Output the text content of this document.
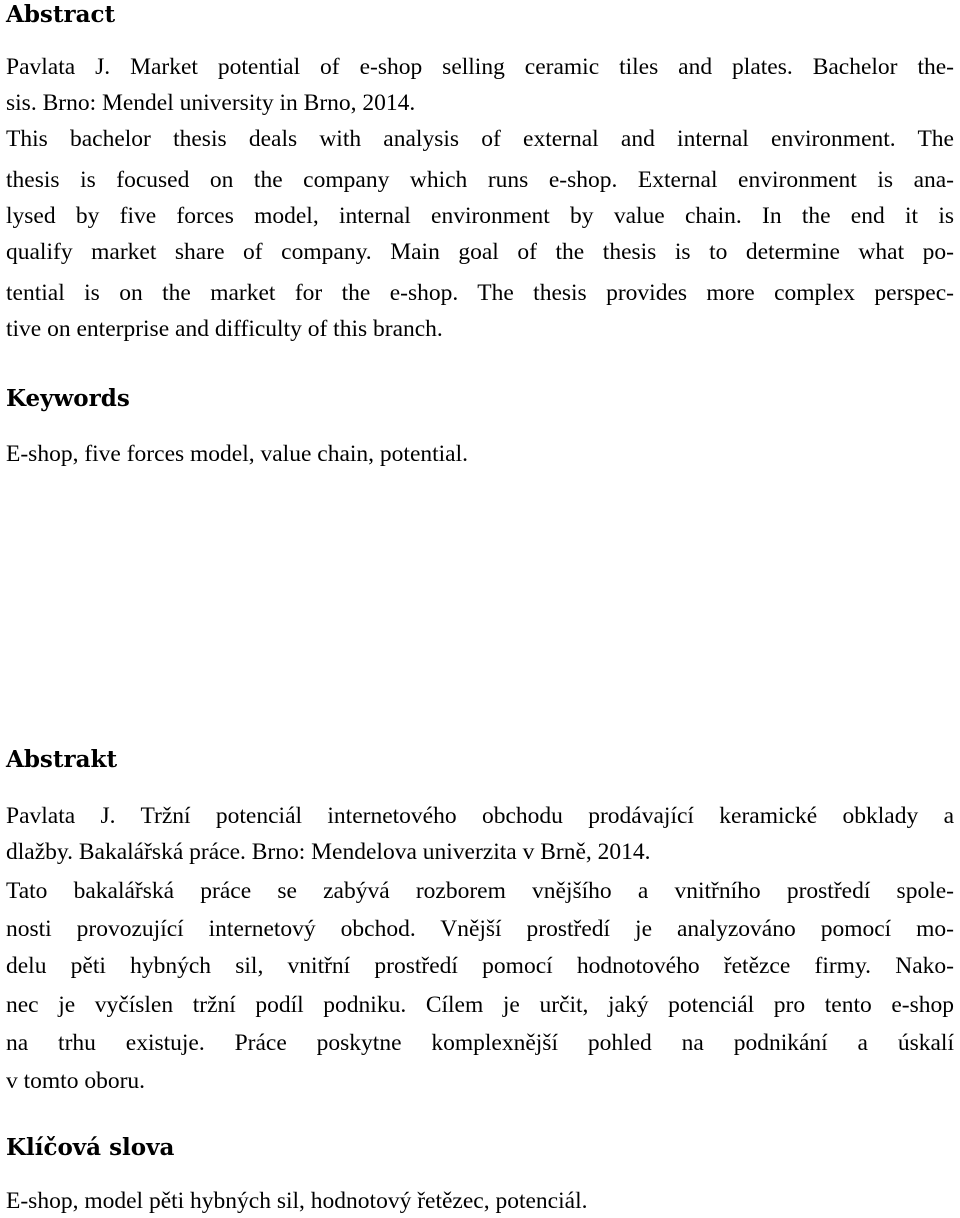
Abstract

Pavlata J. Market potential of e-shop selling ceramic tiles and plates. Bachelor the-

sis. Brno: Mendel university in Brno, 2014.

This bachelor thesis deals with analysis of external and internal environment. The

thesis is focused on the company which runs e-shop. External environment is ana-

lysed by five forces model, internal environment by value chain. In the end it is

qualify market share of company. Main goal of the thesis is to determine what po-

tential is on the market for the e-shop. The thesis provides more complex perspec-

tive on enterprise and difficulty of this branch.

Keywords

E-shop, five forces model, value chain, potential.

Abstrakt

Pavlata J. Tržní potenciál internetového obchodu prodávající keramické obklady a

dlažby. Bakalářská práce. Brno: Mendelova univerzita v Brně, 2014.

Tato bakalářská práce se zabývá rozborem vnějšího a vnitřního prostředí spole-

nosti provozující internetový obchod. Vnější prostředí je analyzováno pomocí mo-

delu pěti hybných sil, vnitřní prostředí pomocí hodnotového řetězce firmy. Nako-

nec je vyčíslen tržní podíl podniku. Cílem je určit, jaký potenciál pro tento e-shop

na trhu existuje. Práce poskytne komplexnější pohled na podnikání a úskalí

v tomto oboru.

Klíčová slova

E-shop, model pěti hybných sil, hodnotový řetězec, potenciál.
